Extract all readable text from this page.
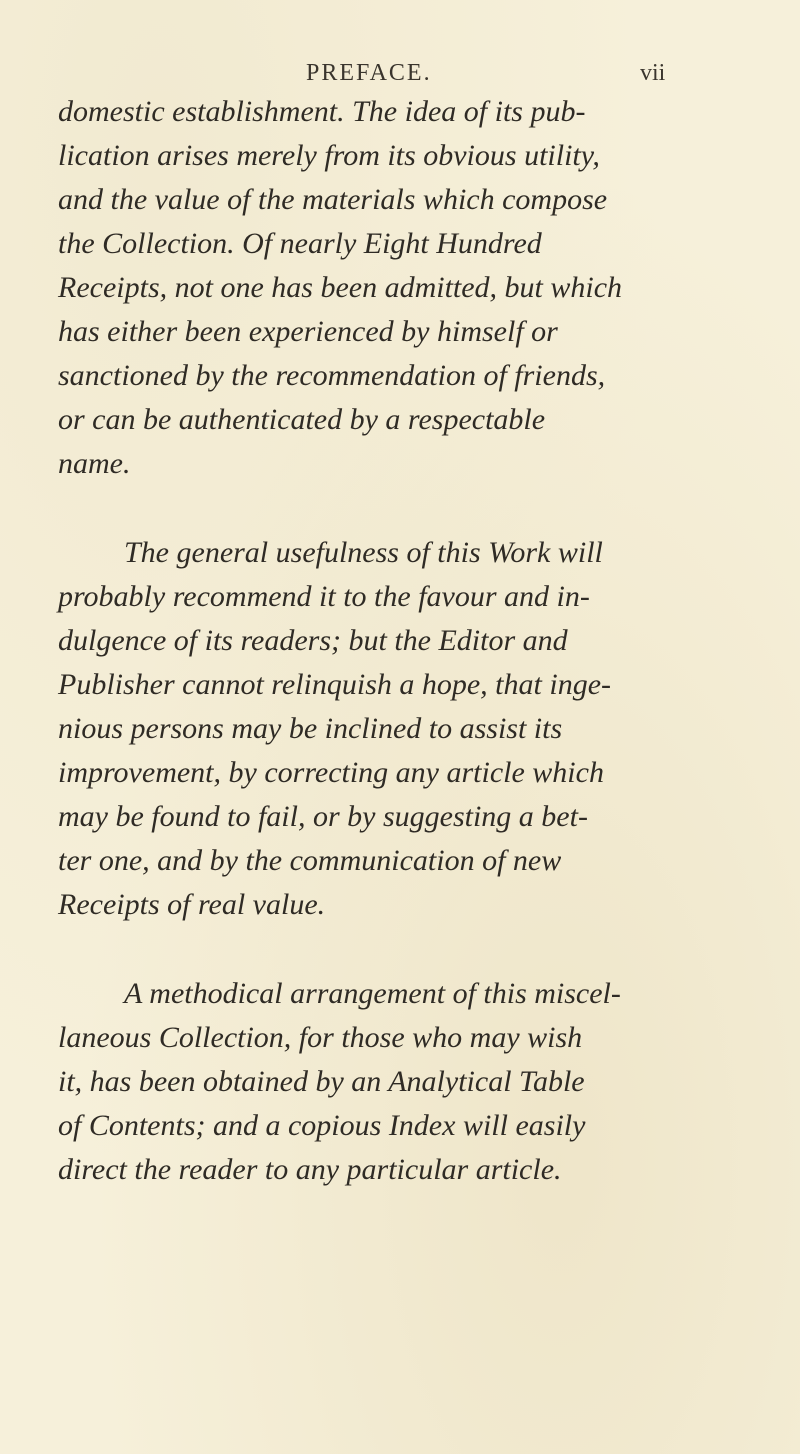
PREFACE.	vii
domestic establishment. The idea of its pub-
lication arises merely from its obvious utility,
and the value of the materials which compose
the Collection. Of nearly Eight Hundred
Receipts, not one has been admitted, but which
has either been experienced by himself or
sanctioned by the recommendation of friends,
or can be authenticated by a respectable
name.
The general usefulness of this Work will
probably recommend it to the favour and in-
dulgence of its readers; but the Editor and
Publisher cannot relinquish a hope, that inge-
nious persons may be inclined to assist its
improvement, by correcting any article which
may be found to fail, or by suggesting a bet-
ter one, and by the communication of new
Receipts of real value.
A methodical arrangement of this miscel-
laneous Collection, for those who may wish
it, has been obtained by an Analytical Table
of Contents; and a copious Index will easily
direct the reader to any particular article.
